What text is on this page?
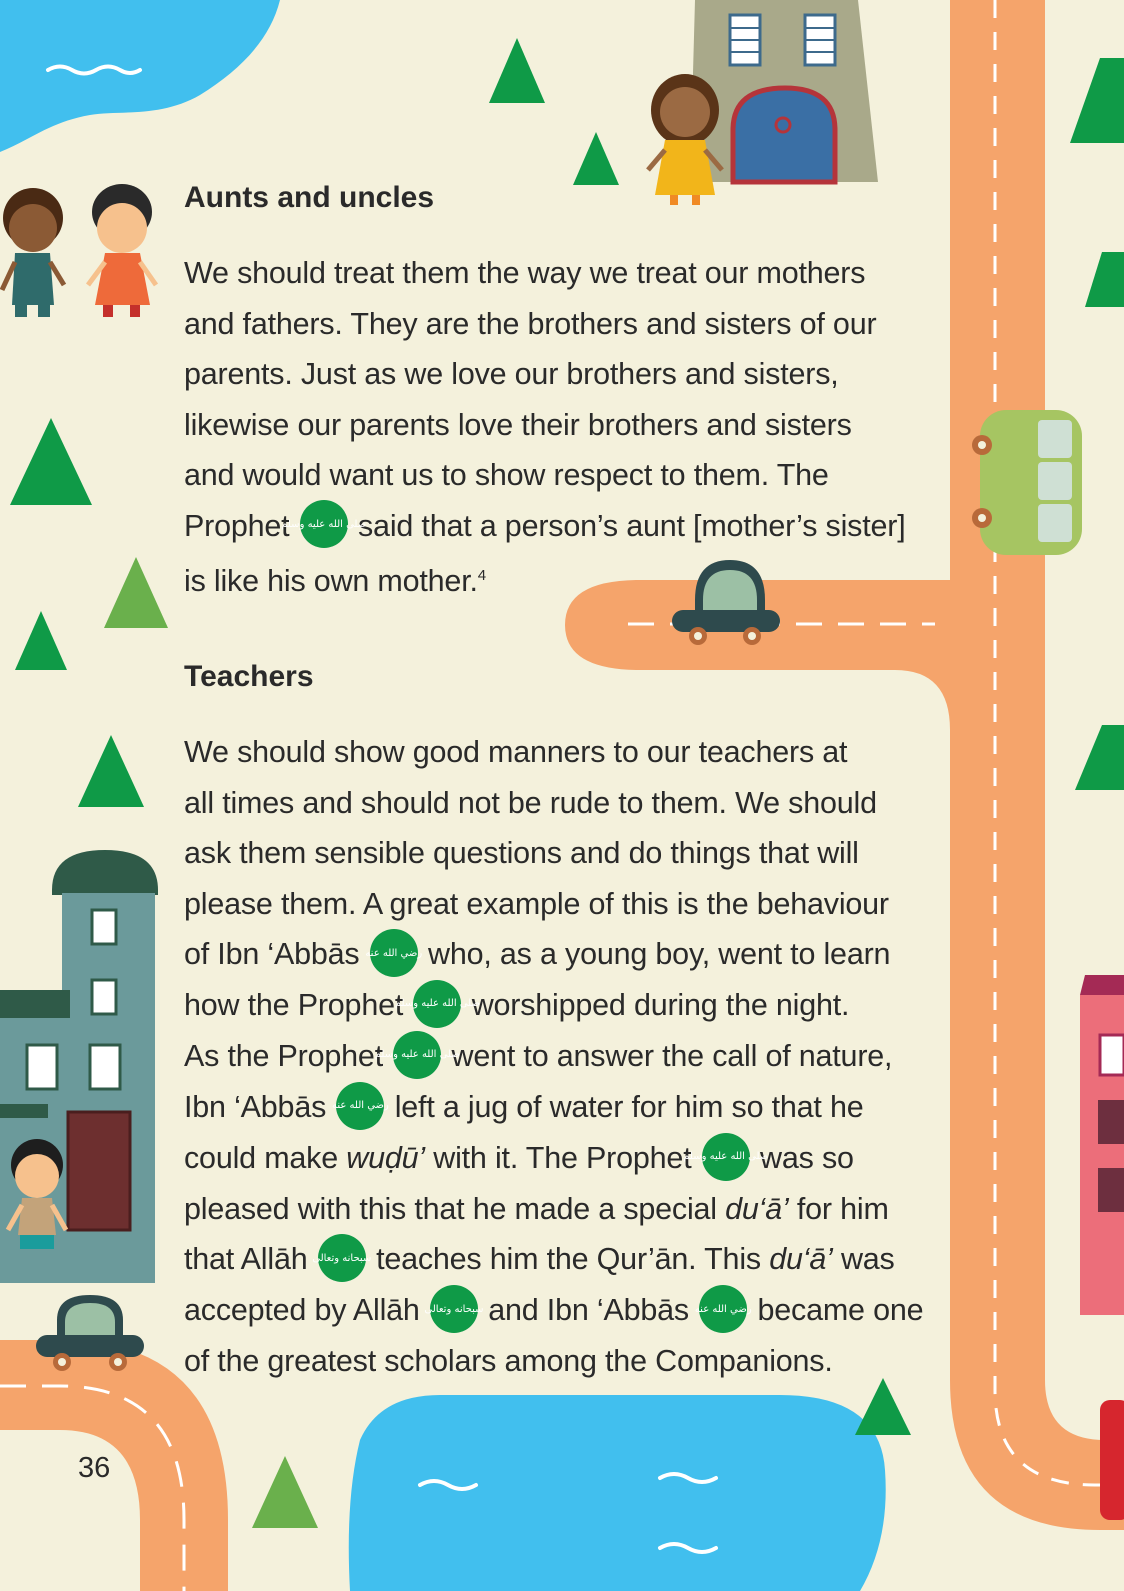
Aunts and uncles

We should treat them the way we treat our mothers
and fathers. They are the brothers and sisters of our
parents. Just as we love our brothers and sisters,
likewise our parents love their brothers and sisters
and would want us to show respect to them. The
Prophet صلى الله عليه وسلم said that a person’s aunt [mother’s sister]
is like his own mother.$^4$

Teachers

We should show good manners to our teachers at
all times and should not be rude to them. We should
ask them sensible questions and do things that will
please them. A great example of this is the behaviour
of Ibn ‘Abbās رضي الله عنه who, as a young boy, went to learn
how the Prophet صلى الله عليه وسلم worshipped during the night.
As the Prophet صلى الله عليه وسلم went to answer the call of nature,
Ibn ‘Abbās رضي الله عنه left a jug of water for him so that he
could make wuḍū’ with it. The Prophet صلى الله عليه وسلم was so
pleased with this that he made a special du‘ā’ for him
that Allāh سبحانه وتعالى teaches him the Qur’ān. This du‘ā’ was
accepted by Allāh سبحانه وتعالى and Ibn ‘Abbās رضي الله عنه became one
of the greatest scholars among the Companions.

36
